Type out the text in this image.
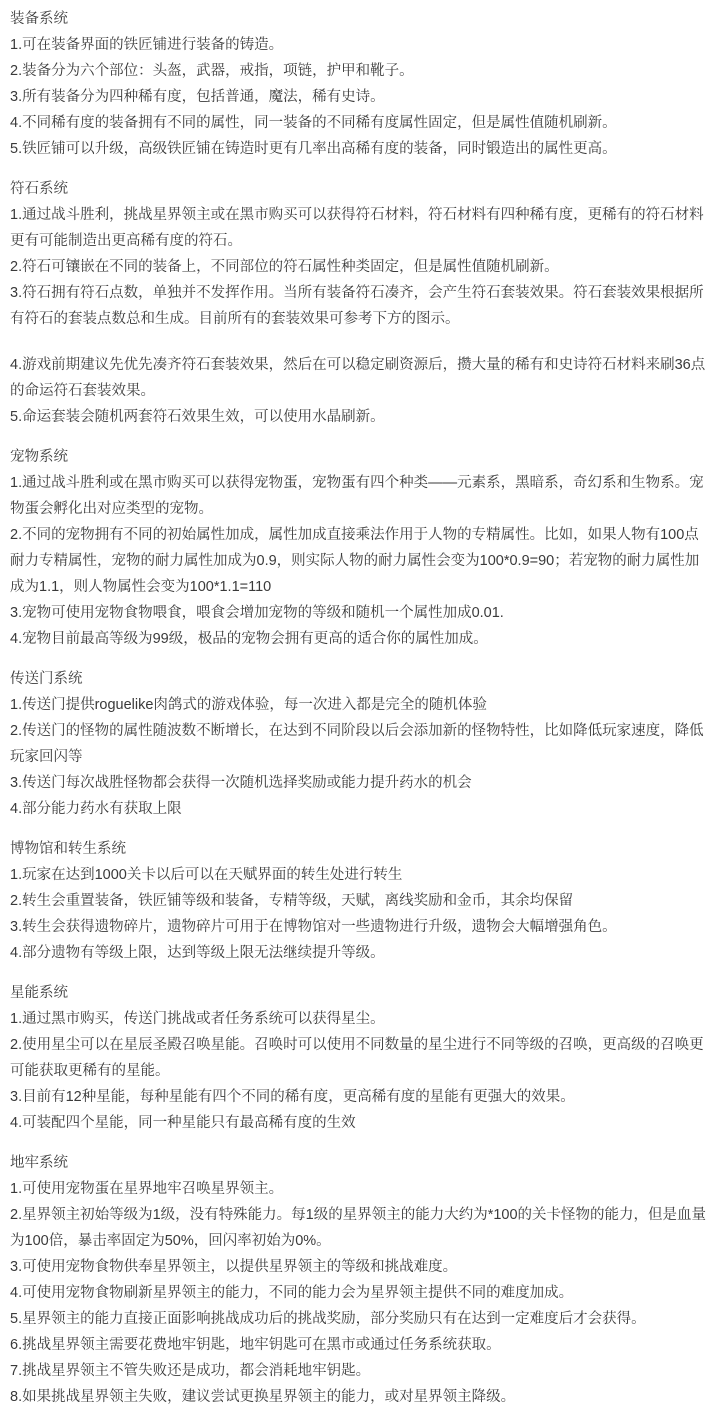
装备系统

1.可在装备界面的铁匠铺进行装备的铸造。

2.装备分为六个部位：头盔，武器，戒指，项链，护甲和靴子。

3.所有装备分为四种稀有度，包括普通，魔法，稀有史诗。

4.不同稀有度的装备拥有不同的属性，同一装备的不同稀有度属性固定，但是属性值随机刷新。

5.铁匠铺可以升级，高级铁匠铺在铸造时更有几率出高稀有度的装备，同时锻造出的属性更高。

符石系统

1.通过战斗胜利，挑战星界领主或在黑市购买可以获得符石材料，符石材料有四种稀有度，更稀有的符石材料更有可能制造出更高稀有度的符石。

2.符石可镶嵌在不同的装备上，不同部位的符石属性种类固定，但是属性值随机刷新。

3.符石拥有符石点数，单独并不发挥作用。当所有装备符石凑齐，会产生符石套装效果。符石套装效果根据所有符石的套装点数总和生成。目前所有的套装效果可参考下方的图示。

4.游戏前期建议先优先凑齐符石套装效果，然后在可以稳定刷资源后，攒大量的稀有和史诗符石材料来刷36点的命运符石套装效果。

5.命运套装会随机两套符石效果生效，可以使用水晶刷新。

宠物系统

1.通过战斗胜利或在黑市购买可以获得宠物蛋，宠物蛋有四个种类——元素系，黑暗系，奇幻系和生物系。宠物蛋会孵化出对应类型的宠物。

2.不同的宠物拥有不同的初始属性加成，属性加成直接乘法作用于人物的专精属性。比如，如果人物有100点耐力专精属性，宠物的耐力属性加成为0.9，则实际人物的耐力属性会变为100*0.9=90；若宠物的耐力属性加成为1.1，则人物属性会变为100*1.1=110

3.宠物可使用宠物食物喂食，喂食会增加宠物的等级和随机一个属性加成0.01.

4.宠物目前最高等级为99级，极品的宠物会拥有更高的适合你的属性加成。

传送门系统

1.传送门提供roguelike肉鸽式的游戏体验，每一次进入都是完全的随机体验

2.传送门的怪物的属性随波数不断增长，在达到不同阶段以后会添加新的怪物特性，比如降低玩家速度，降低玩家回闪等

3.传送门每次战胜怪物都会获得一次随机选择奖励或能力提升药水的机会

4.部分能力药水有获取上限

博物馆和转生系统

1.玩家在达到1000关卡以后可以在天赋界面的转生处进行转生

2.转生会重置装备，铁匠铺等级和装备，专精等级，天赋，离线奖励和金币，其余均保留

3.转生会获得遗物碎片，遗物碎片可用于在博物馆对一些遗物进行升级，遗物会大幅增强角色。

4.部分遗物有等级上限，达到等级上限无法继续提升等级。

星能系统

1.通过黑市购买，传送门挑战或者任务系统可以获得星尘。

2.使用星尘可以在星辰圣殿召唤星能。召唤时可以使用不同数量的星尘进行不同等级的召唤，更高级的召唤更可能获取更稀有的星能。

3.目前有12种星能，每种星能有四个不同的稀有度，更高稀有度的星能有更强大的效果。

4.可装配四个星能，同一种星能只有最高稀有度的生效

地牢系统

1.可使用宠物蛋在星界地牢召唤星界领主。

2.星界领主初始等级为1级，没有特殊能力。每1级的星界领主的能力大约为*100的关卡怪物的能力，但是血量为100倍，暴击率固定为50%，回闪率初始为0%。

3.可使用宠物食物供奉星界领主，以提供星界领主的等级和挑战难度。

4.可使用宠物食物刷新星界领主的能力，不同的能力会为星界领主提供不同的难度加成。

5.星界领主的能力直接正面影响挑战成功后的挑战奖励，部分奖励只有在达到一定难度后才会获得。

6.挑战星界领主需要花费地牢钥匙，地牢钥匙可在黑市或通过任务系统获取。

7.挑战星界领主不管失败还是成功，都会消耗地牢钥匙。

8.如果挑战星界领主失败，建议尝试更换星界领主的能力，或对星界领主降级。
